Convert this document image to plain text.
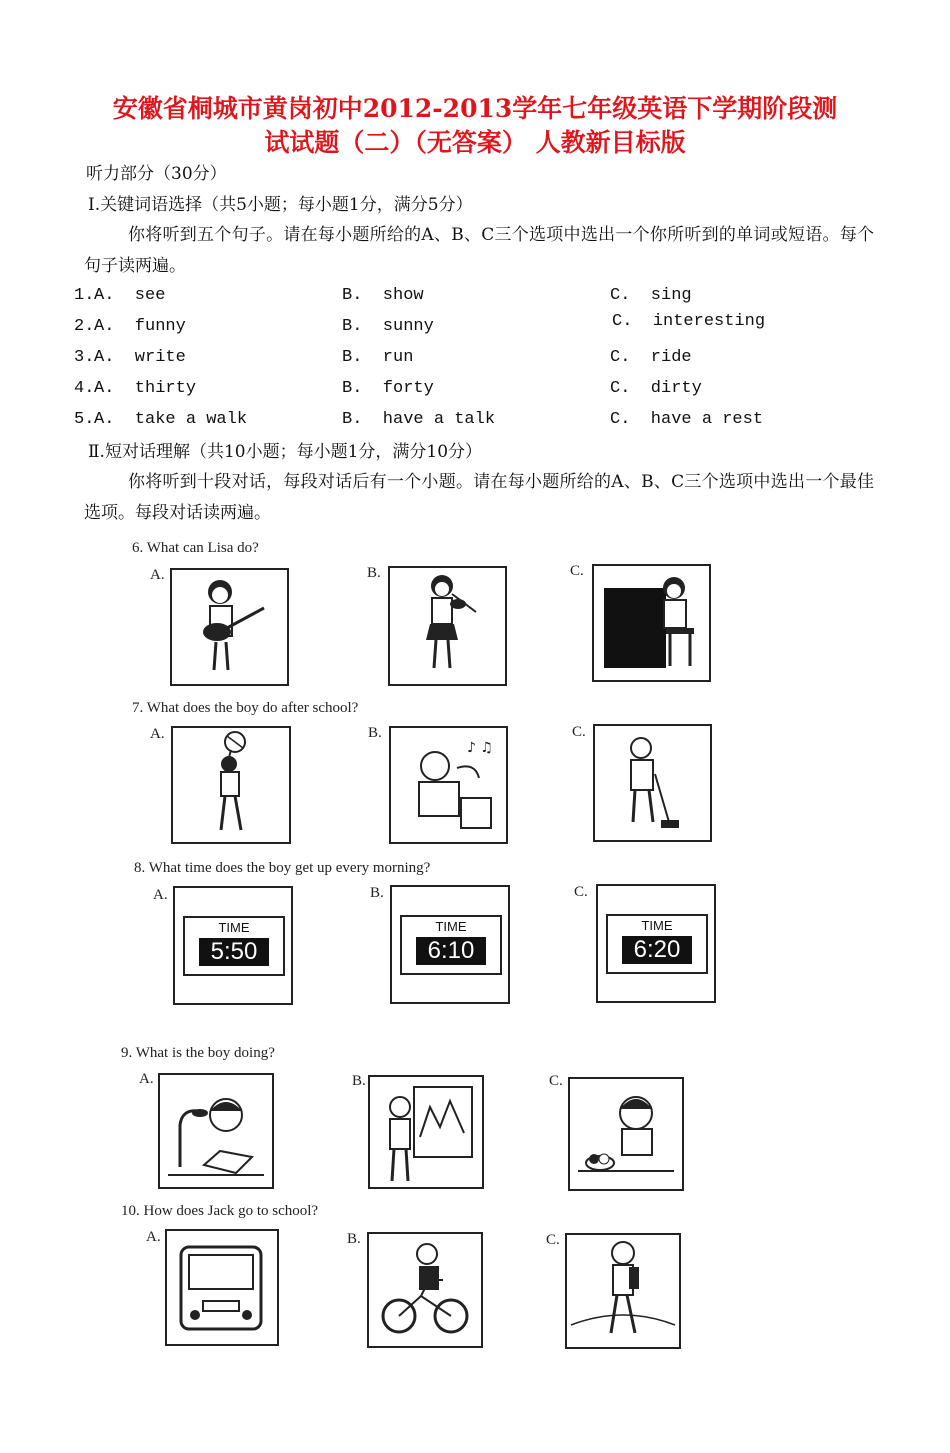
安徽省桐城市黄岗初中2012-2013学年七年级英语下学期阶段测
试试题（二）（无答案） 人教新目标版
听力部分（30分）
Ⅰ.关键词语选择（共5小题；每小题1分，满分5分）
你将听到五个句子。请在每小题所给的A、B、C三个选项中选出一个你所听到的单词或短语。每个句子读两遍。
1. A.  see	B.  show	C.  sing
2. A.  funny	B.  sunny	C.  interesting
3. A.  write	B.  run	C.  ride
4. A.  thirty	B.  forty	C.  dirty
5. A.  take a walk	B.  have a talk	C.  have a rest
Ⅱ.短对话理解（共10小题；每小题1分，满分10分）
你将听到十段对话，每段对话后有一个小题。请在每小题所给的A、B、C三个选项中选出一个最佳选项。每段对话读两遍。
6. What can Lisa do?
A.	B.	C.
7. What does the boy do after school?
A.	B.	C.
♪ ♫
8. What time does the boy get up every morning?
A.	B.	C.
TIME
5:50
TIME
6:10
TIME
6:20
9. What is the boy doing?
A.	B.	C.
10. How does Jack go to school?
A.	B.	C.
